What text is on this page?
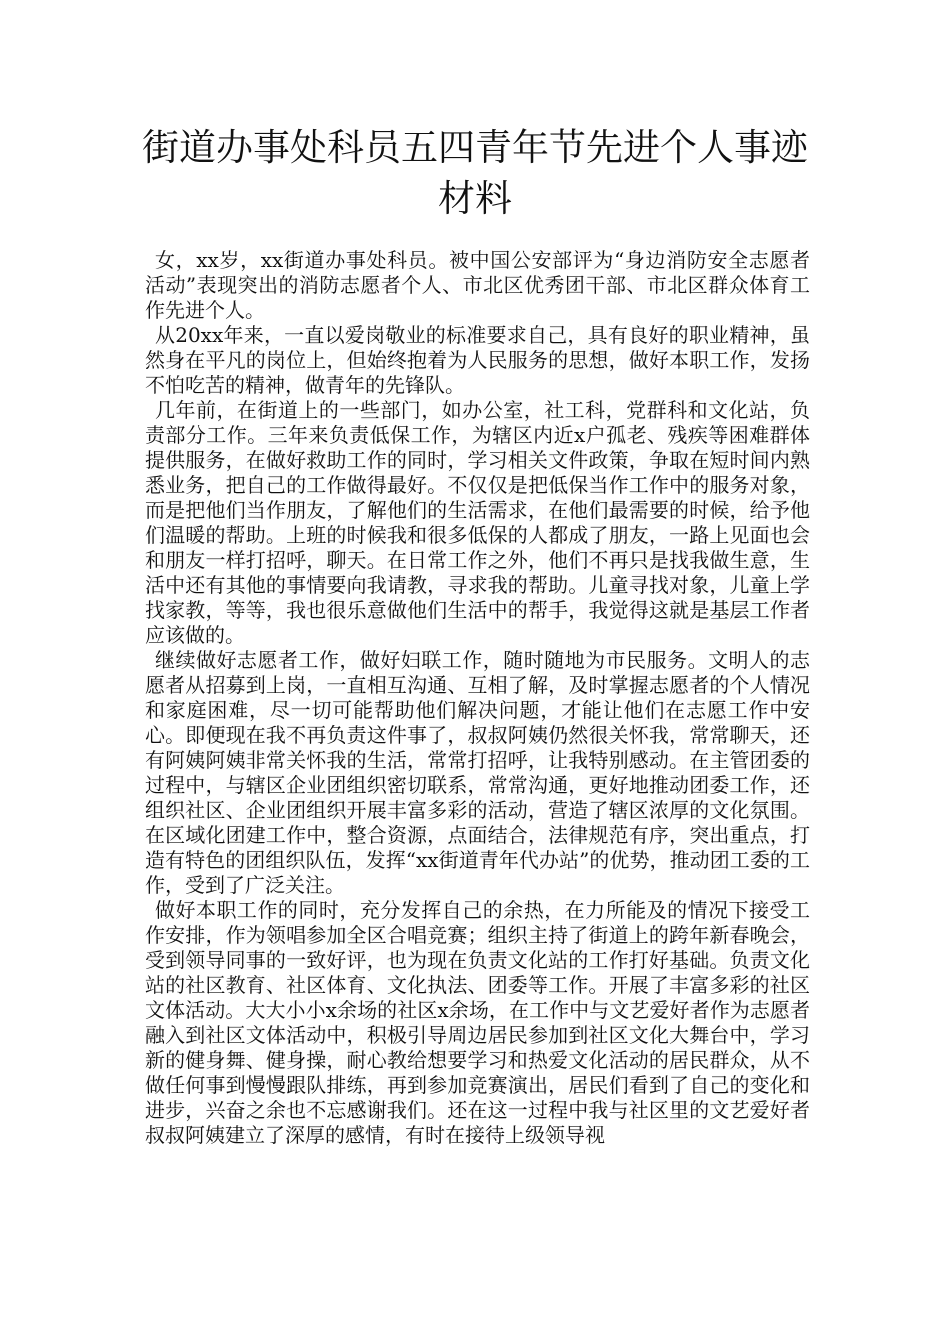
街道办事处科员五四青年节先进个人事迹
材料

女，xx岁，xx街道办事处科员。被中国公安部评为“身边消防安全志愿者活动”表现突出的消防志愿者个人、市北区优秀团干部、市北区群众体育工作先进个人。

从20xx年来，一直以爱岗敬业的标准要求自己，具有良好的职业精神，虽然身在平凡的岗位上，但始终抱着为人民服务的思想，做好本职工作，发扬不怕吃苦的精神，做青年的先锋队。

几年前，在街道上的一些部门，如办公室，社工科，党群科和文化站，负责部分工作。三年来负责低保工作，为辖区内近x户孤老、残疾等困难群体提供服务，在做好救助工作的同时，学习相关文件政策，争取在短时间内熟悉业务，把自己的工作做得最好。不仅仅是把低保当作工作中的服务对象，而是把他们当作朋友，了解他们的生活需求，在他们最需要的时候，给予他们温暖的帮助。上班的时候我和很多低保的人都成了朋友，一路上见面也会和朋友一样打招呼，聊天。在日常工作之外，他们不再只是找我做生意，生活中还有其他的事情要向我请教，寻求我的帮助。儿童寻找对象，儿童上学找家教，等等，我也很乐意做他们生活中的帮手，我觉得这就是基层工作者应该做的。

继续做好志愿者工作，做好妇联工作，随时随地为市民服务。文明人的志愿者从招募到上岗，一直相互沟通、互相了解，及时掌握志愿者的个人情况和家庭困难，尽一切可能帮助他们解决问题，才能让他们在志愿工作中安心。即便现在我不再负责这件事了，叔叔阿姨仍然很关怀我，常常聊天，还有阿姨阿姨非常关怀我的生活，常常打招呼，让我特别感动。在主管团委的过程中，与辖区企业团组织密切联系，常常沟通，更好地推动团委工作，还组织社区、企业团组织开展丰富多彩的活动，营造了辖区浓厚的文化氛围。在区域化团建工作中，整合资源，点面结合，法律规范有序，突出重点，打造有特色的团组织队伍，发挥“xx街道青年代办站”的优势，推动团工委的工作，受到了广泛关注。

做好本职工作的同时，充分发挥自己的余热，在力所能及的情况下接受工作安排，作为领唱参加全区合唱竞赛；组织主持了街道上的跨年新春晚会，受到领导同事的一致好评，也为现在负责文化站的工作打好基础。负责文化站的社区教育、社区体育、文化执法、团委等工作。开展了丰富多彩的社区文体活动。大大小小x余场的社区x余场，在工作中与文艺爱好者作为志愿者融入到社区文体活动中，积极引导周边居民参加到社区文化大舞台中，学习新的健身舞、健身操，耐心教给想要学习和热爱文化活动的居民群众，从不做任何事到慢慢跟队排练，再到参加竞赛演出，居民们看到了自己的变化和进步，兴奋之余也不忘感谢我们。还在这一过程中我与社区里的文艺爱好者叔叔阿姨建立了深厚的感情，有时在接待上级领导视
